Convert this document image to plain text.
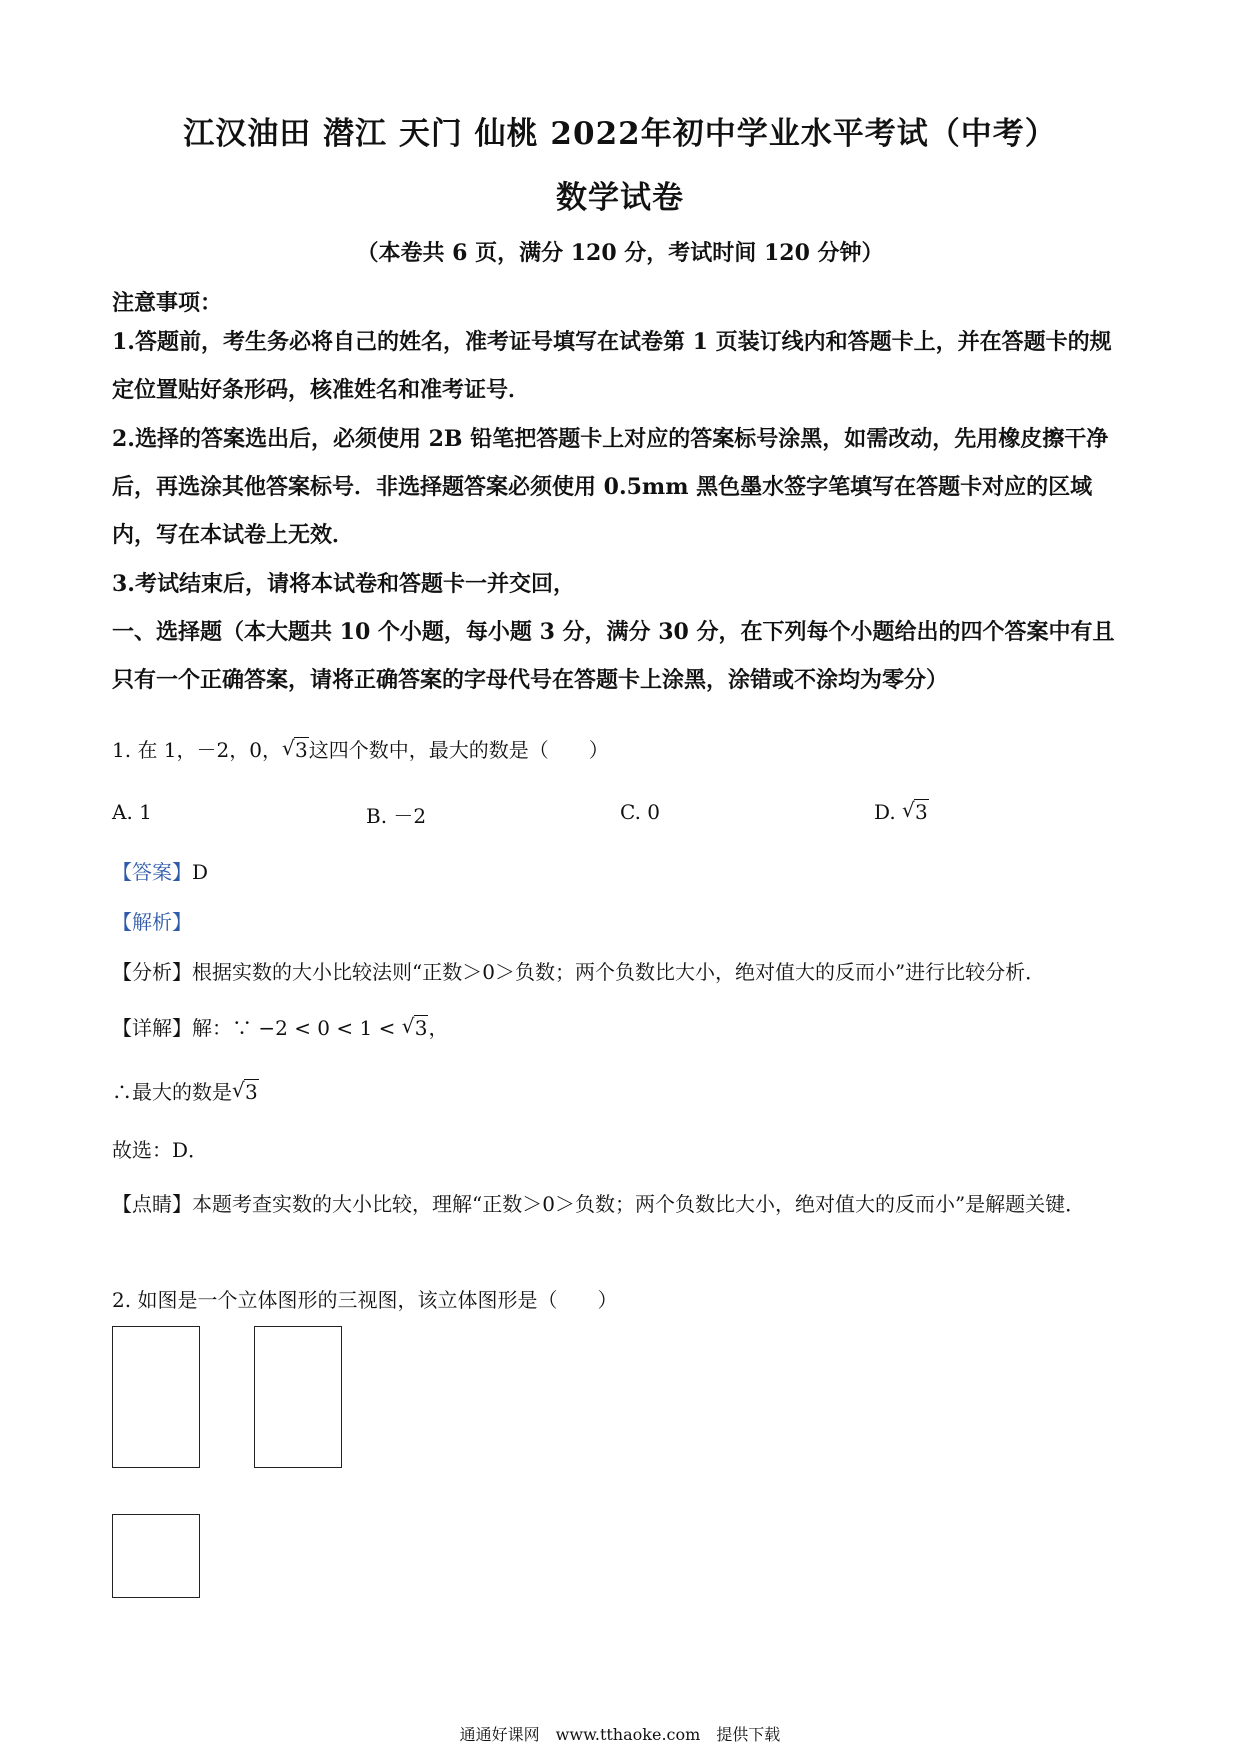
江汉油田 潜江 天门 仙桃 2022年初中学业水平考试（中考）
数学试卷
（本卷共 6 页，满分 120 分，考试时间 120 分钟）
注意事项：
1.答题前，考生务必将自己的姓名，准考证号填写在试卷第 1 页装订线内和答题卡上，并在答题卡的规定位置贴好条形码，核准姓名和准考证号．
2.选择的答案选出后，必须使用 2B 铅笔把答题卡上对应的答案标号涂黑，如需改动，先用橡皮擦干净后，再选涂其他答案标号．非选择题答案必须使用 0.5mm 黑色墨水签字笔填写在答题卡对应的区域内，写在本试卷上无效．
3.考试结束后，请将本试卷和答题卡一并交回，
一、选择题（本大题共 10 个小题，每小题 3 分，满分 30 分，在下列每个小题给出的四个答案中有且只有一个正确答案，请将正确答案的字母代号在答题卡上涂黑，涂错或不涂均为零分）
1. 在 1，－2，0， √ 3这四个数中，最大的数是（　　）
A. 1	B. －2	C. 0	D. √ 3
【答案】D
【解析】
【分析】根据实数的大小比较法则“正数＞0＞负数；两个负数比大小，绝对值大的反而小”进行比较分析．
【详解】解：∵ −2 < 0 < 1 < √ 3，
∴最大的数是 √ 3
故选：D．
【点睛】本题考查实数的大小比较，理解“正数＞0＞负数；两个负数比大小，绝对值大的反而小”是解题关键．
2. 如图是一个立体图形的三视图，该立体图形是（　　）
通通好课网　www.tthaoke.com　提供下载
